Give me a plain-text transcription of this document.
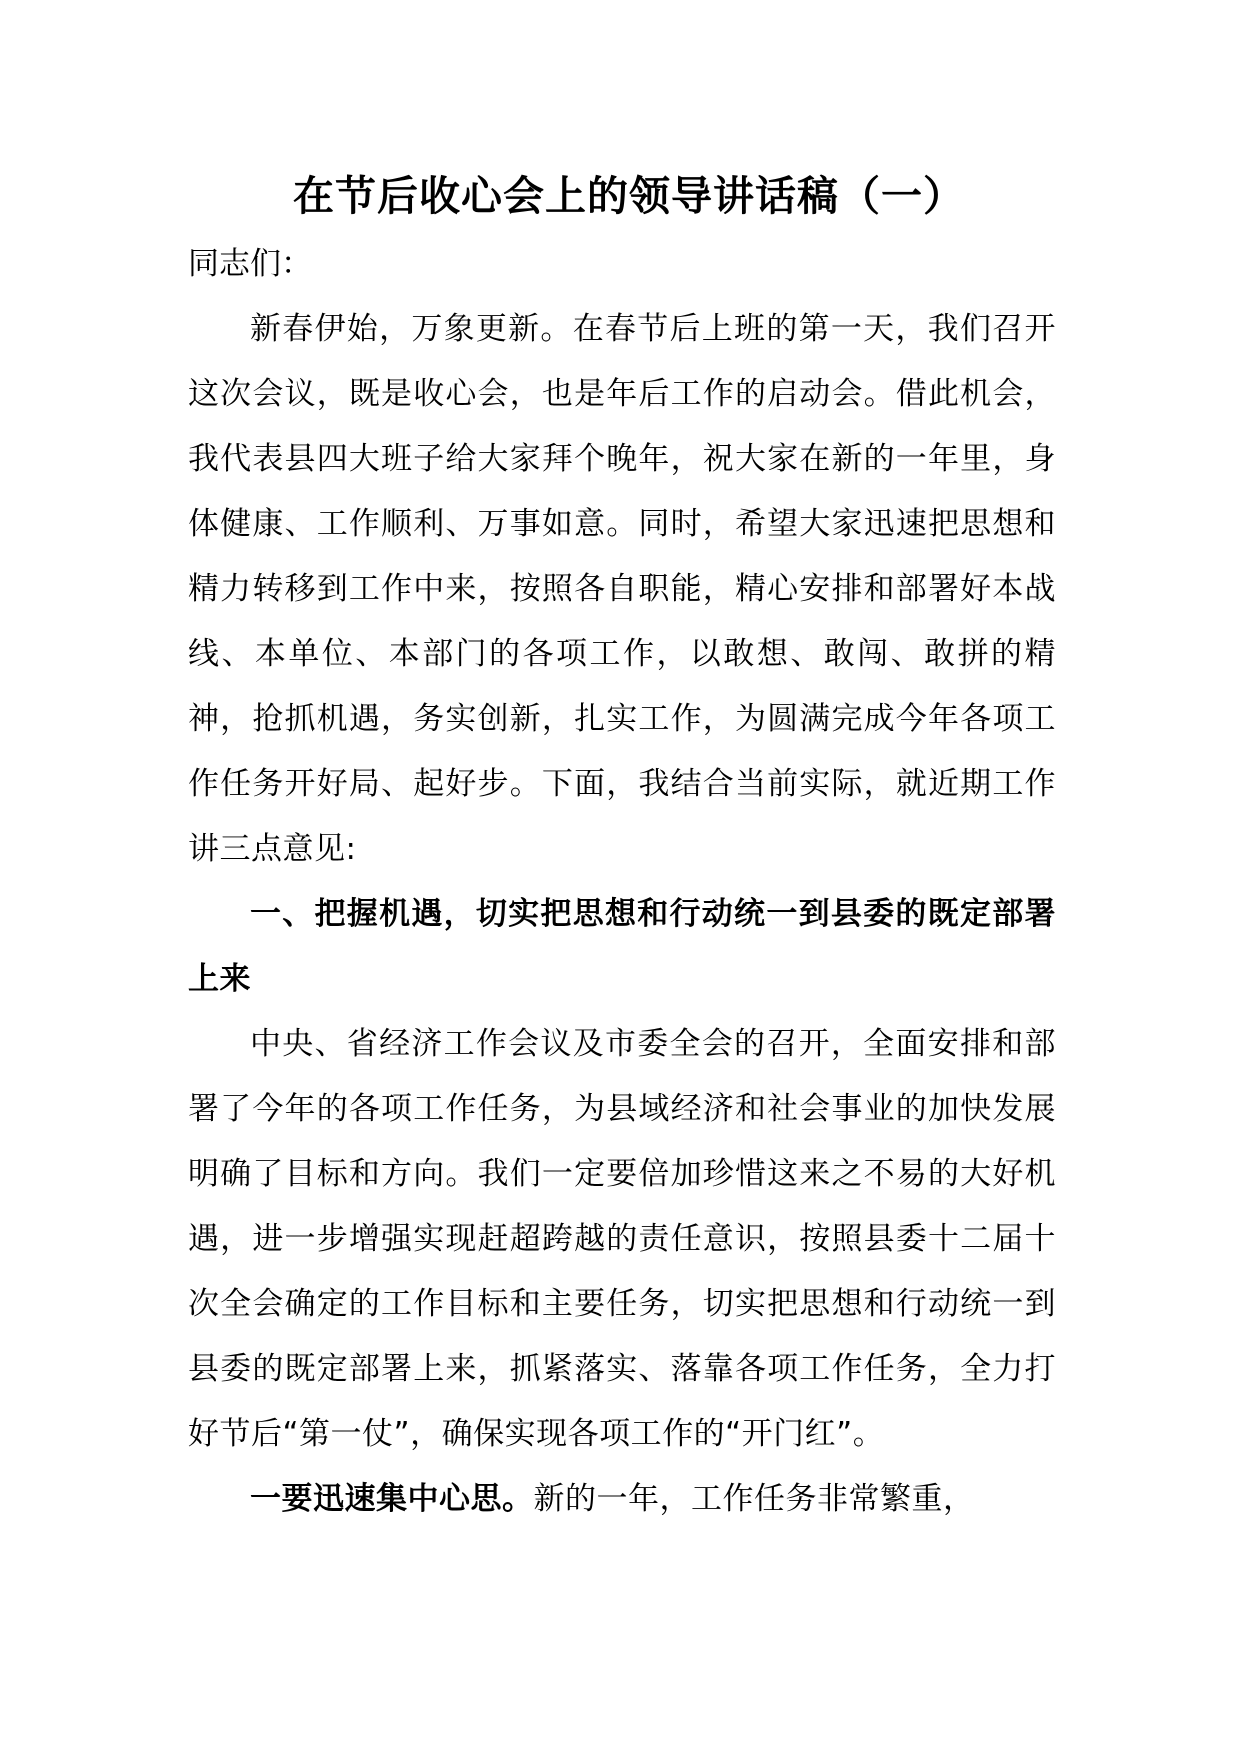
在节后收心会上的领导讲话稿（一）

同志们：

新春伊始，万象更新。在春节后上班的第一天，我们召开这次会议，既是收心会，也是年后工作的启动会。借此机会，我代表县四大班子给大家拜个晚年，祝大家在新的一年里，身体健康、工作顺利、万事如意。同时，希望大家迅速把思想和精力转移到工作中来，按照各自职能，精心安排和部署好本战线、本单位、本部门的各项工作，以敢想、敢闯、敢拼的精神，抢抓机遇，务实创新，扎实工作，为圆满完成今年各项工作任务开好局、起好步。下面，我结合当前实际，就近期工作讲三点意见:

一、把握机遇，切实把思想和行动统一到县委的既定部署上来

中央、省经济工作会议及市委全会的召开，全面安排和部署了今年的各项工作任务，为县域经济和社会事业的加快发展明确了目标和方向。我们一定要倍加珍惜这来之不易的大好机遇，进一步增强实现赶超跨越的责任意识，按照县委十二届十次全会确定的工作目标和主要任务，切实把思想和行动统一到县委的既定部署上来，抓紧落实、落靠各项工作任务，全力打好节后“第一仗”，确保实现各项工作的“开门红”。

一要迅速集中心思。新的一年，工作任务非常繁重，
